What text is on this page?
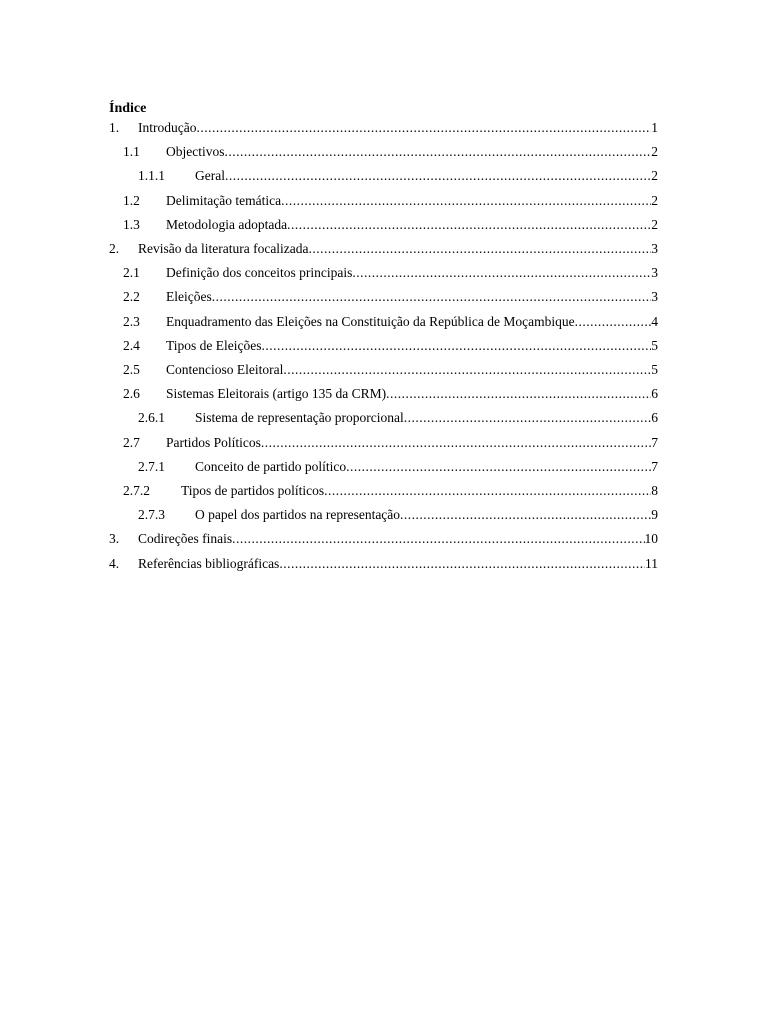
Índice
1. Introdução .....	1
1.1 Objectivos .....	2
1.1.1 Geral .....	2
1.2 Delimitação temática .....	2
1.3 Metodologia adoptada .....	2
2. Revisão da literatura focalizada .....	3
2.1 Definição dos conceitos principais .....	3
2.2 Eleições .....	3
2.3 Enquadramento das Eleições na Constituição da República de Moçambique .....	4
2.4 Tipos de Eleições .....	5
2.5 Contencioso Eleitoral .....	5
2.6 Sistemas Eleitorais (artigo 135 da CRM) .....	6
2.6.1 Sistema de representação proporcional .....	6
2.7 Partidos Políticos .....	7
2.7.1 Conceito de partido político .....	7
2.7.2 Tipos de partidos políticos .....	8
2.7.3 O papel dos partidos na representação .....	9
3. Codireções finais .....	10
4. Referências bibliográficas .....	11
